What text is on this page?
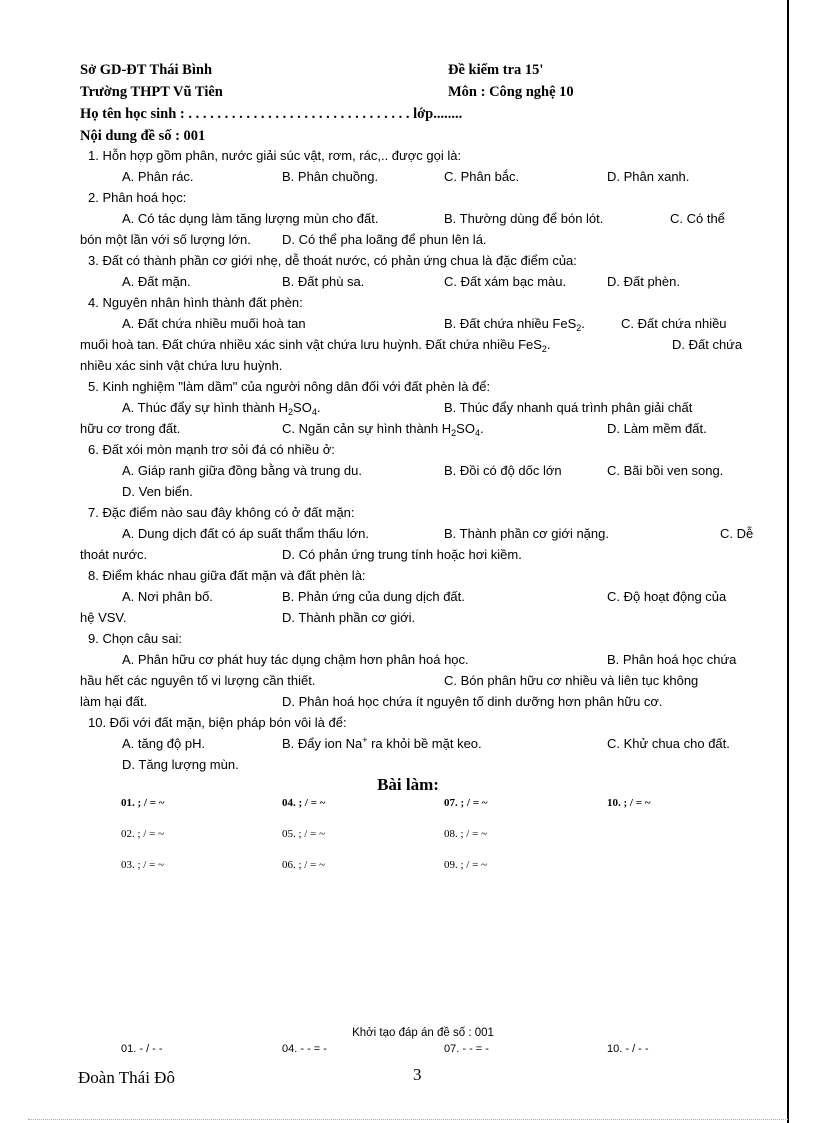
Sở GD-ĐT Thái Bình
Trường THPT Vũ Tiên
Họ tên học sinh : . . . . . . . . . . . . . . . . . . . . . . . . . . . . . . . lớp........
Nội dung đề số : 001
Đề kiểm tra 15'
Môn : Công nghệ 10
1. Hỗn hợp gồm phân, nước giải súc vật, rơm, rác,.. được gọi là:
A. Phân rác.	B. Phân chuồng.	C. Phân bắc.	D. Phân xanh.
2. Phân hoá học:
A. Có tác dụng làm tăng lượng mùn cho đất.	B. Thường dùng để bón lót.	C. Có thể
bón một lần với số lượng lớn. D. Có thể pha loãng để phun lên lá.
3. Đất có thành phần cơ giới nhẹ, dễ thoát nước, có phản ứng chua là đặc điểm của:
A. Đất mặn.	B. Đất phù sa.	C. Đất xám bạc màu.	D. Đất phèn.
4. Nguyên nhân hình thành đất phèn:
A. Đất chứa nhiều muối hoà tan	B. Đất chứa nhiều FeS$_2$.	C. Đất chứa nhiều
muối hoà tan. Đất chứa nhiều xác sinh vật chứa lưu huỳnh. Đất chứa nhiều FeS$_2$.	D. Đất chứa
nhiều xác sinh vật chứa lưu huỳnh.
5. Kinh nghiệm "làm dầm" của người nông dân đối với đất phèn là để:
A. Thúc đẩy sự hình thành $H_2SO_4$.	B. Thúc đẩy nhanh quá trình phân giải chất
hữu cơ trong đất.	C. Ngăn cản sự hình thành $H_2SO_4$.	D. Làm mềm đất.
6. Đất xói mòn mạnh trơ sỏi đá có nhiều ở:
A. Giáp ranh giữa đồng bằng và trung du.	B. Đồi có độ dốc lớn	C. Bãi bồi ven song.
D. Ven biển.
7. Đặc điểm nào sau đây không có ở đất mặn:
A. Dung dịch đất có áp suất thẩm thấu lớn.	B. Thành phần cơ giới nặng.	C. Dễ
thoát nước.	D. Có phản ứng trung tính hoặc hơi kiềm.
8. Điểm khác nhau giữa đất mặn và đất phèn là:
A. Nơi phân bố.	B. Phản ứng của dung dịch đất.	C. Độ hoạt động của
hệ VSV.	D. Thành phần cơ giới.
9. Chọn câu sai:
A. Phân hữu cơ phát huy tác dụng chậm hơn phân hoá học.	B. Phân hoá học chứa
hầu hết các nguyên tố vi lượng cần thiết.	C. Bón phân hữu cơ nhiều và liên tục không
làm hại đất.	D. Phân hoá học chứa ít nguyên tố dinh dưỡng hơn phân hữu cơ.
10. Đối với đất mặn, biện pháp bón vôi là để:
A. tăng độ pH.	B. Đẩy ion Na+ ra khỏi bề mặt keo.	C. Khử chua cho đất.
D. Tăng lượng mùn.
Bài làm:
01. ; / = ~	04. ; / = ~	07. ; / = ~	10. ; / = ~
02. ; / = ~	05. ; / = ~	08. ; / = ~
03. ; / = ~	06. ; / = ~	09. ; / = ~
Khởi tạo đáp án đề số : 001
01. - / - -	04. - - = -	07. - - = -	10. - / - -
Đoàn Thái Đô	3
